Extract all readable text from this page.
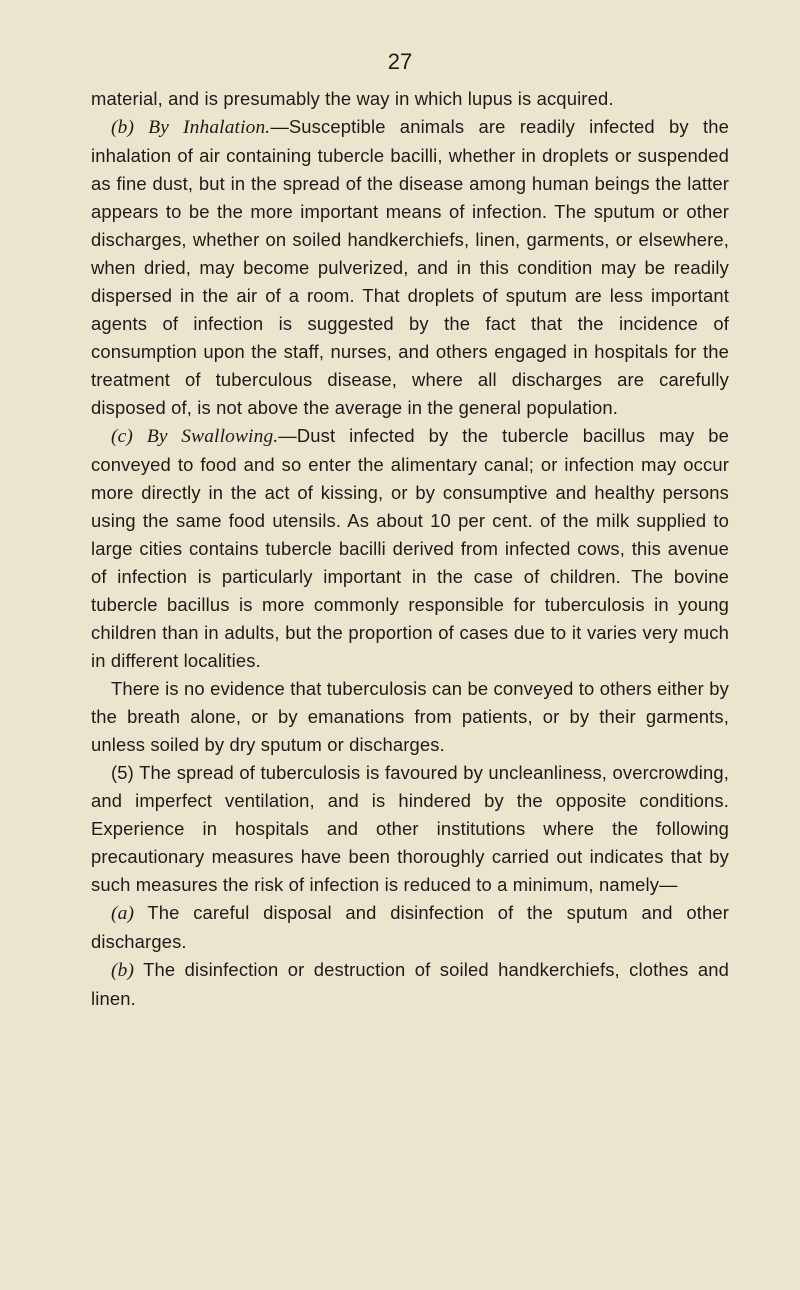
27

material, and is presumably the way in which lupus is acquired.

(b) By Inhalation.—Susceptible animals are readily infected by the inhalation of air containing tubercle bacilli, whether in droplets or suspended as fine dust, but in the spread of the disease among human beings the latter appears to be the more important means of infection. The sputum or other discharges, whether on soiled handkerchiefs, linen, garments, or elsewhere, when dried, may become pulverized, and in this condition may be readily dispersed in the air of a room. That droplets of sputum are less important agents of infection is suggested by the fact that the incidence of consumption upon the staff, nurses, and others engaged in hospitals for the treatment of tuberculous disease, where all discharges are carefully disposed of, is not above the average in the general population.

(c) By Swallowing.—Dust infected by the tubercle bacillus may be conveyed to food and so enter the alimentary canal; or infection may occur more directly in the act of kissing, or by consumptive and healthy persons using the same food utensils. As about 10 per cent. of the milk supplied to large cities contains tubercle bacilli derived from infected cows, this avenue of infection is particularly important in the case of children. The bovine tubercle bacillus is more commonly responsible for tuberculosis in young children than in adults, but the proportion of cases due to it varies very much in different localities.

There is no evidence that tuberculosis can be conveyed to others either by the breath alone, or by emanations from patients, or by their garments, unless soiled by dry sputum or discharges.

(5) The spread of tuberculosis is favoured by uncleanliness, overcrowding, and imperfect ventilation, and is hindered by the opposite conditions. Experience in hospitals and other institutions where the following precautionary measures have been thoroughly carried out indicates that by such measures the risk of infection is reduced to a minimum, namely—

(a) The careful disposal and disinfection of the sputum and other discharges.

(b) The disinfection or destruction of soiled handkerchiefs, clothes and linen.
